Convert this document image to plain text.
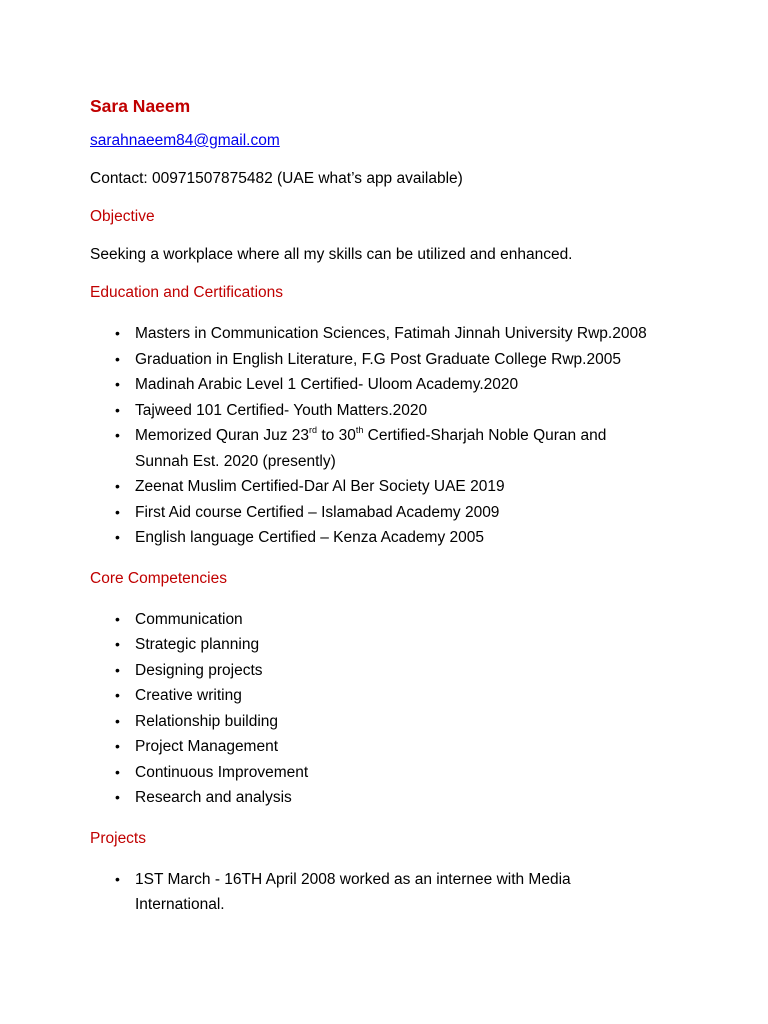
Sara Naeem

sarahnaeem84@gmail.com

Contact: 00971507875482 (UAE what’s app available)

Objective

Seeking a workplace where all my skills can be utilized and enhanced.

Education and Certifications

• Masters in Communication Sciences, Fatimah Jinnah University Rwp.2008
• Graduation in English Literature, F.G Post Graduate College Rwp.2005
• Madinah Arabic Level 1 Certified- Uloom Academy.2020
• Tajweed 101 Certified- Youth Matters.2020
• Memorized Quran Juz 23rd to 30th Certified-Sharjah Noble Quran and
Sunnah Est. 2020 (presently)
• Zeenat Muslim Certified-Dar Al Ber Society UAE 2019
• First Aid course Certified – Islamabad Academy 2009
• English language Certified – Kenza Academy 2005

Core Competencies

• Communication
• Strategic planning
• Designing projects
• Creative writing
• Relationship building
• Project Management
• Continuous Improvement
• Research and analysis

Projects

• 1ST March - 16TH April 2008 worked as an internee with Media
International.
